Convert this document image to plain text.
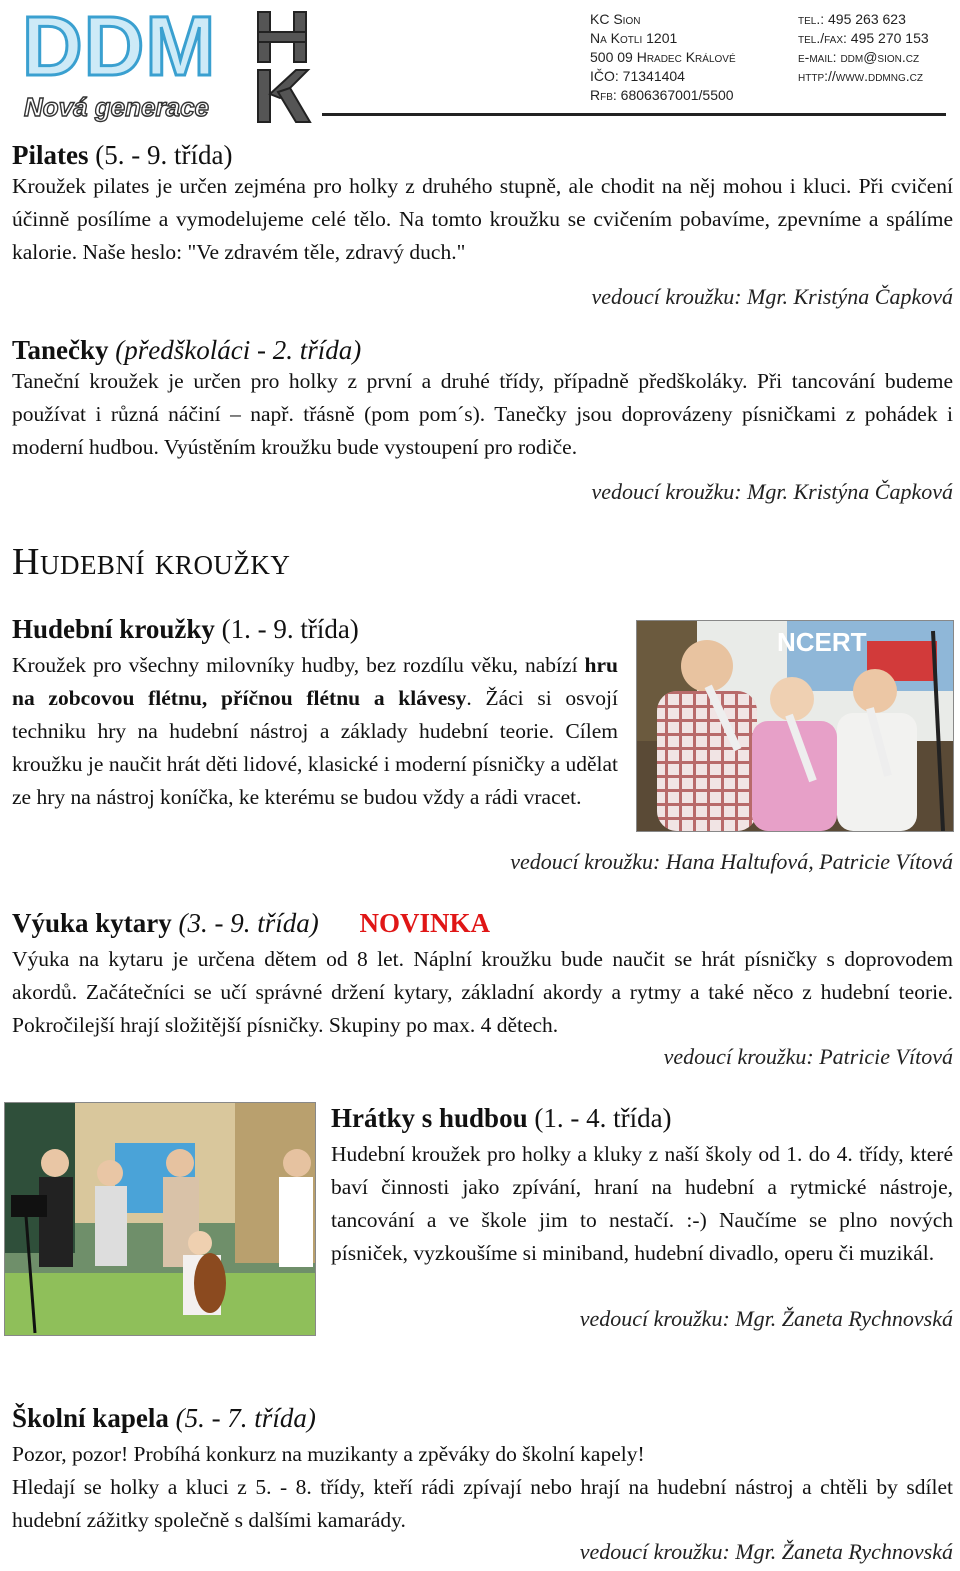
DDM
Nová generace
KC Sion
Na Kotli 1201
500 09 Hradec Králové
IČO: 71341404
Rfb: 6806367001/5500
tel.: 495 263 623
tel./fax: 495 270 153
e-mail: ddm@sion.cz
http://www.ddmng.cz
Pilates (5. - 9. třída)

Kroužek pilates je určen zejména pro holky z druhého stupně, ale chodit na něj mohou i kluci. Při cvičení účinně posílíme a vymodelujeme celé tělo. Na tomto kroužku se cvičením pobavíme, zpevníme a spálíme kalorie. Naše heslo: "Ve zdravém těle, zdravý duch."

vedoucí kroužku: Mgr. Kristýna Čapková
Tanečky (předškoláci - 2. třída)

Taneční kroužek je určen pro holky z první a druhé třídy, případně předškoláky. Při tancování budeme používat i různá náčiní – např. třásně (pom pom´s). Tanečky jsou doprovázeny písničkami z pohádek i moderní hudbou. Vyústěním kroužku bude vystoupení pro rodiče.

vedoucí kroužku: Mgr. Kristýna Čapková
Hudební kroužky
Hudební kroužky (1. - 9. třída)

Kroužek pro všechny milovníky hudby, bez rozdílu věku, nabízí hru na zobcovou flétnu, příčnou flétnu a klávesy. Žáci si osvojí techniku hry na hudební nástroj a základy hudební teorie. Cílem kroužku je naučit hrát děti lidové, klasické i moderní písničky a udělat ze hry na nástroj koníčka, ke kterému se budou vždy a rádi vracet.

NCERT
vedoucí kroužku: Hana Haltufová, Patricie Vítová
Výuka kytary (3. - 9. třída) NOVINKA

Výuka na kytaru je určena dětem od 8 let. Náplní kroužku bude naučit se hrát písničky s doprovodem akordů. Začátečníci se učí správné držení kytary, základní akordy a rytmy a také něco z hudební teorie. Pokročilejší hrají složitější písničky. Skupiny po max. 4 dětech.

vedoucí kroužku: Patricie Vítová
Hrátky s hudbou (1. - 4. třída)

Hudební kroužek pro holky a kluky z naší školy od 1. do 4. třídy, které baví činnosti jako zpívání, hraní na hudební a rytmické nástroje, tancování a ve škole jim to nestačí. :-) Naučíme se plno nových písniček, vyzkoušíme si miniband, hudební divadlo, operu či muzikál.

vedoucí kroužku: Mgr. Žaneta Rychnovská
Školní kapela (5. - 7. třída)

Pozor, pozor! Probíhá konkurz na muzikanty a zpěváky do školní kapely!

Hledají se holky a kluci z 5. - 8. třídy, kteří rádi zpívají nebo hrají na hudební nástroj a chtěli by sdílet hudební zážitky společně s dalšími kamarády.

vedoucí kroužku: Mgr. Žaneta Rychnovská
